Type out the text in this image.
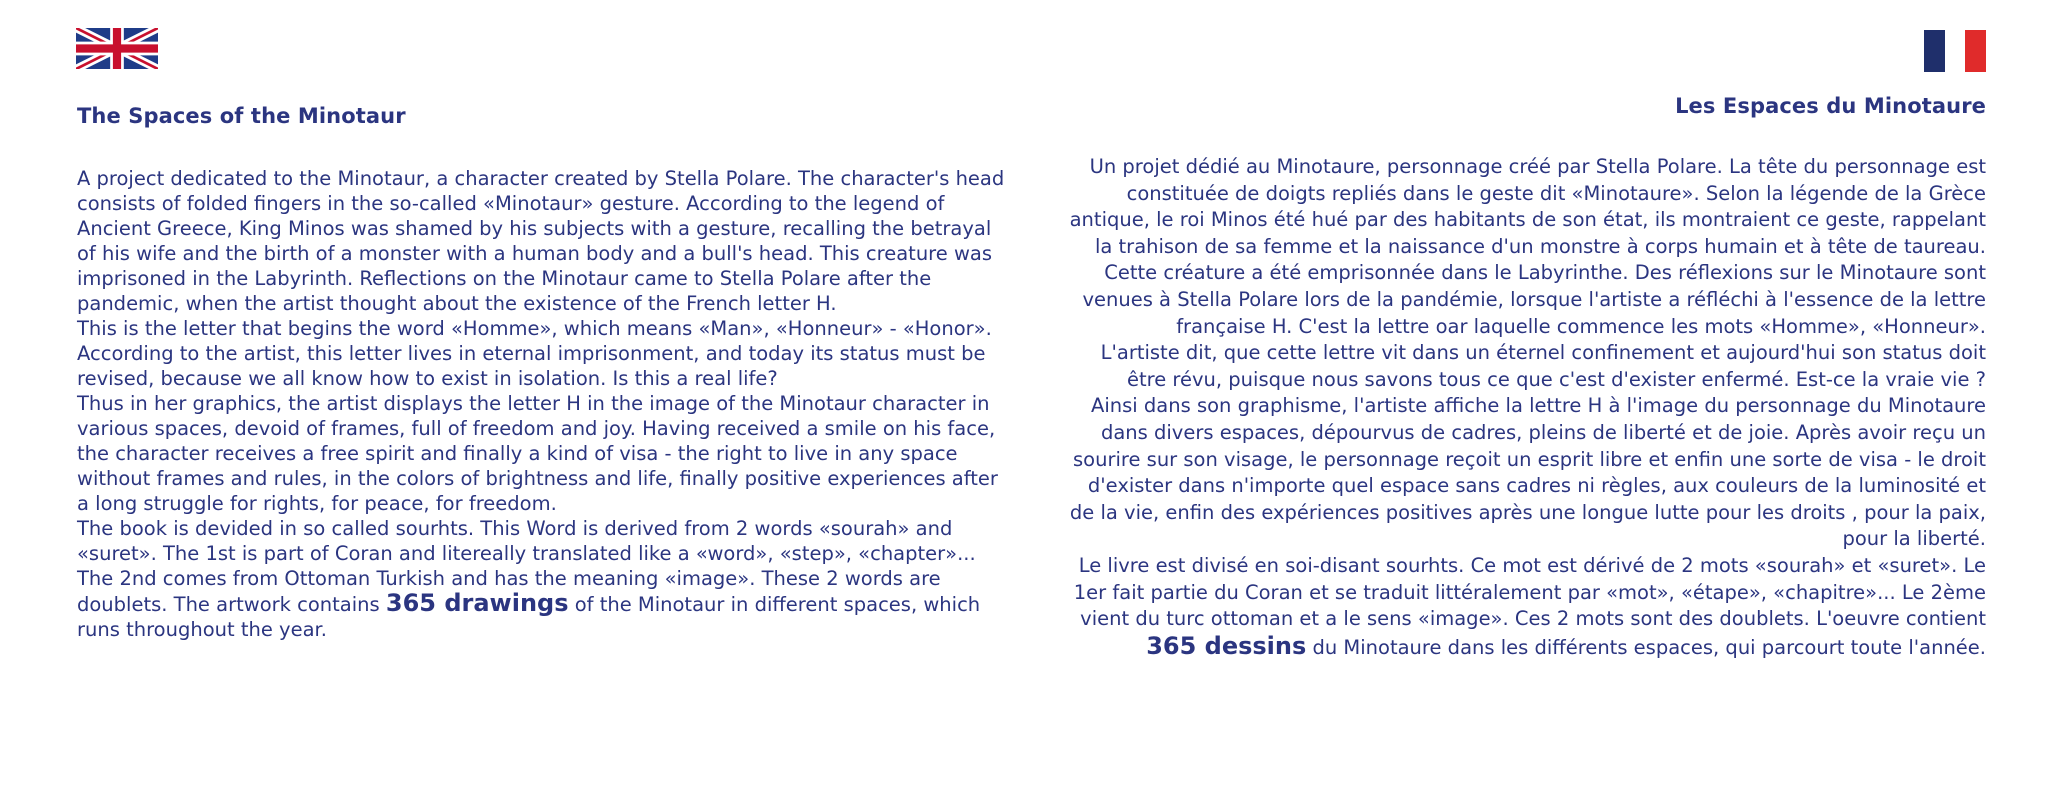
The Spaces of the Minotaur

A project dedicated to the Minotaur, a character created by Stella Polare. The character's head consists of folded fingers in the so-called «Minotaur» gesture. According to the legend of Ancient Greece, King Minos was shamed by his subjects with a gesture, recalling the betrayal of his wife and the birth of a monster with a human body and a bull's head. This creature was imprisoned in the Labyrinth. Reflections on the Minotaur came to Stella Polare after the pandemic, when the artist thought about the existence of the French letter H.

This is the letter that begins the word «Homme», which means «Man», «Honneur» - «Honor». According to the artist, this letter lives in eternal imprisonment, and today its status must be revised, because we all know how to exist in isolation. Is this a real life?

Thus in her graphics, the artist displays the letter H in the image of the Minotaur character in various spaces, devoid of frames, full of freedom and joy. Having received a smile on his face, the character receives a free spirit and finally a kind of visa - the right to live in any space without frames and rules, in the colors of brightness and life, finally positive experiences after a long struggle for rights, for peace, for freedom.

The book is devided in so called sourhts. This Word is derived from 2 words «sourah» and «suret». The 1st is part of Coran and litereally translated like a «word», «step», «chapter»... The 2nd comes from Ottoman Turkish and has the meaning «image». These 2 words are doublets. The artwork contains 365 drawings of the Minotaur in different spaces, which runs throughout the year.

Les Espaces du Minotaure

Un projet dédié au Minotaure, personnage créé par Stella Polare. La tête du personnage est constituée de doigts repliés dans le geste dit «Minotaure». Selon la légende de la Grèce antique, le roi Minos été hué par des habitants de son état, ils montraient ce geste, rappelant la trahison de sa femme et la naissance d'un monstre à corps humain et à tête de taureau. Cette créature a été emprisonnée dans le Labyrinthe. Des réflexions sur le Minotaure sont venues à Stella Polare lors de la pandémie, lorsque l'artiste a réfléchi à l'essence de la lettre française H. C'est la lettre oar laquelle commence les mots «Homme», «Honneur».

L'artiste dit, que cette lettre vit dans un éternel confinement et aujourd'hui son status doit être révu, puisque nous savons tous ce que c'est d'exister enfermé. Est-ce la vraie vie ?

Ainsi dans son graphisme, l'artiste affiche la lettre H à l'image du personnage du Minotaure dans divers espaces, dépourvus de cadres, pleins de liberté et de joie. Après avoir reçu un sourire sur son visage, le personnage reçoit un esprit libre et enfin une sorte de visa - le droit d'exister dans n'importe quel espace sans cadres ni règles, aux couleurs de la luminosité et de la vie, enfin des expériences positives après une longue lutte pour les droits , pour la paix, pour la liberté.

Le livre est divisé en soi-disant sourhts. Ce mot est dérivé de 2 mots «sourah» et «suret». Le 1er fait partie du Coran et se traduit littéralement par «mot», «étape», «chapitre»... Le 2ème vient du turc ottoman et a le sens «image». Ces 2 mots sont des doublets. L'oeuvre contient 365 dessins du Minotaure dans les différents espaces, qui parcourt toute l'année.
